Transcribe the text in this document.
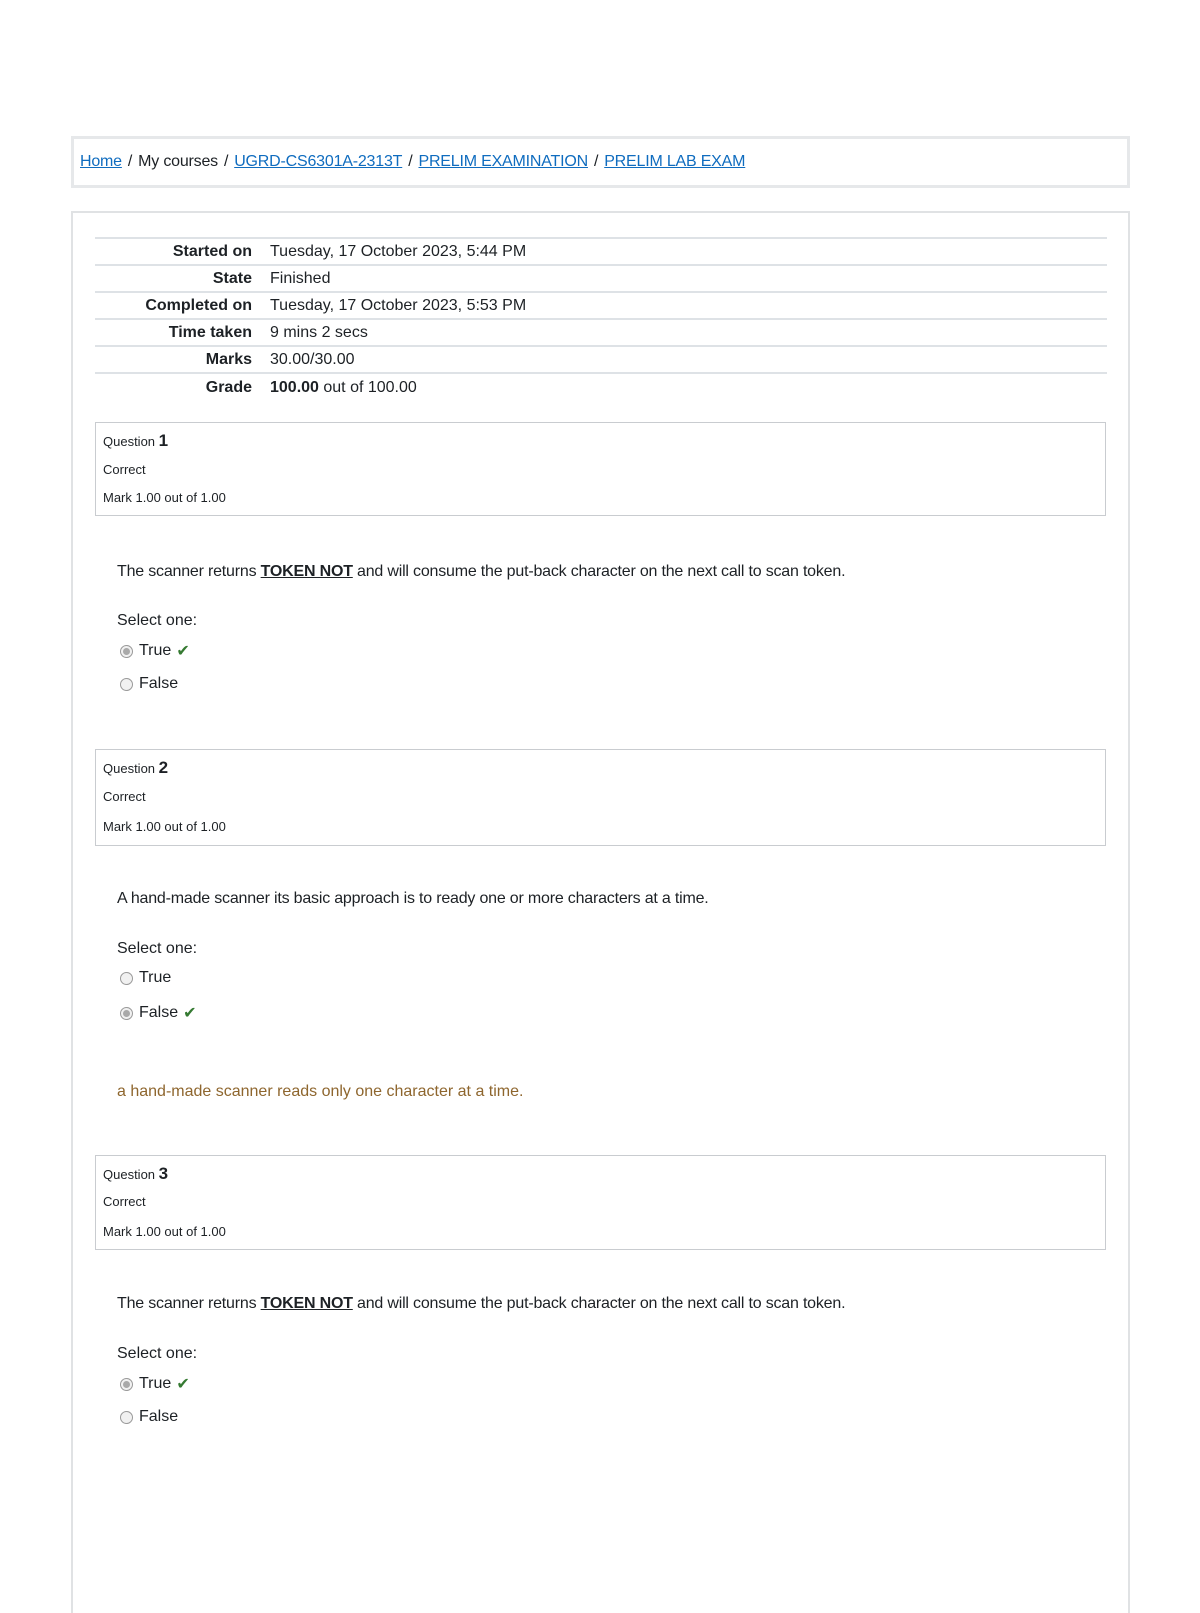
Home / My courses / UGRD-CS6301A-2313T / PRELIM EXAMINATION / PRELIM LAB EXAM
Started on	Tuesday, 17 October 2023, 5:44 PM
State	Finished
Completed on	Tuesday, 17 October 2023, 5:53 PM
Time taken	9 mins 2 secs
Marks	30.00/30.00
Grade	100.00 out of 100.00
Question 1
Correct
Mark 1.00 out of 1.00
The scanner returns TOKEN NOT and will consume the put-back character on the next call to scan token.
Select one:
True ✔
False
Question 2
Correct
Mark 1.00 out of 1.00
A hand-made scanner its basic approach is to ready one or more characters at a time.
Select one:
True
False ✔
a hand-made scanner reads only one character at a time.
Question 3
Correct
Mark 1.00 out of 1.00
The scanner returns TOKEN NOT and will consume the put-back character on the next call to scan token.
Select one:
True ✔
False
